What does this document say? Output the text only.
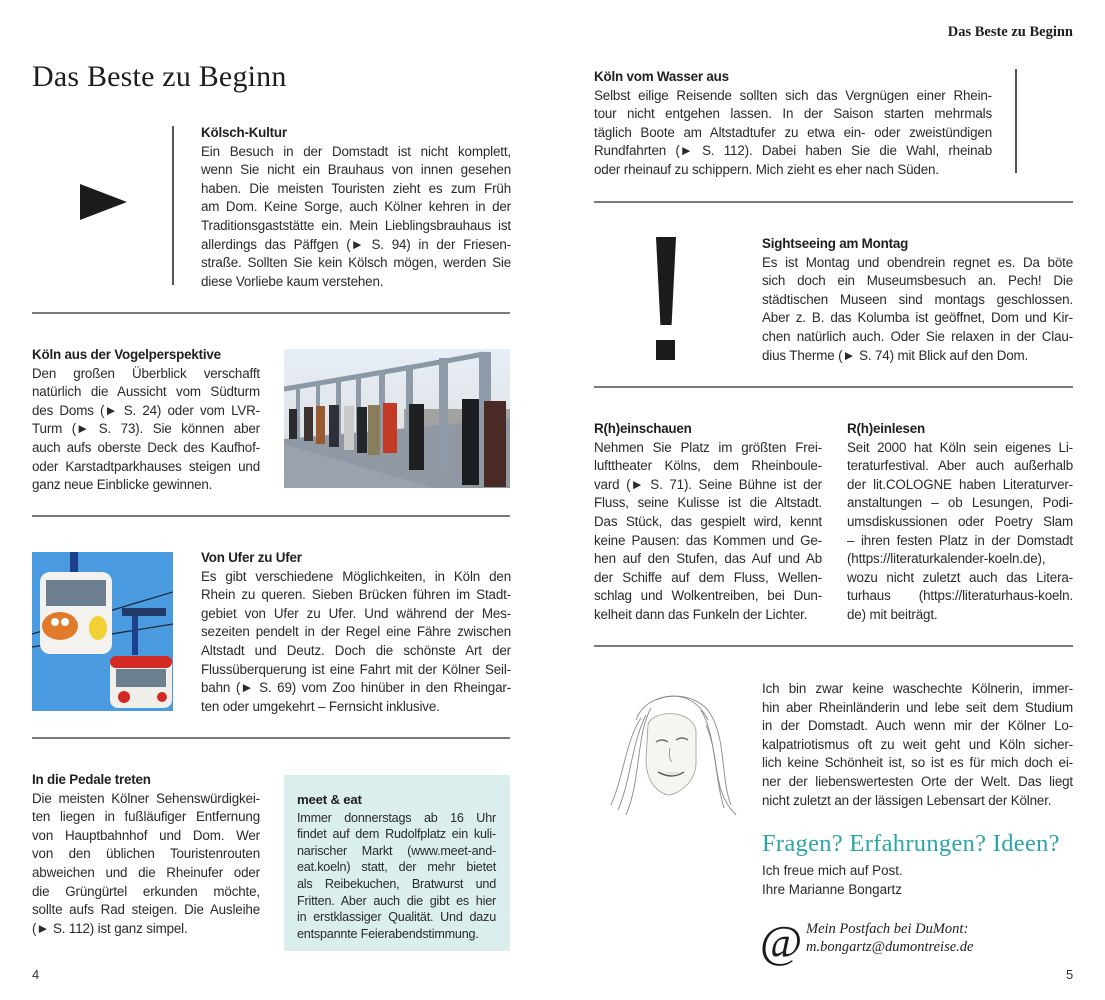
Das Beste zu Beginn
Kölsch-Kultur
Ein Besuch in der Domstadt ist nicht komplett,
wenn Sie nicht ein Brauhaus von innen gesehen
haben. Die meisten Touristen zieht es zum Früh
am Dom. Keine Sorge, auch Kölner kehren in der
Traditionsgaststätte ein. Mein Lieblingsbrauhaus ist
allerdings das Päffgen (► S. 94) in der Friesen-
straße. Sollten Sie kein Kölsch mögen, werden Sie
diese Vorliebe kaum verstehen.
Köln aus der Vogelperspektive
Den großen Überblick verschafft
natürlich die Aussicht vom Südturm
des Doms (► S. 24) oder vom LVR-
Turm (► S. 73). Sie können aber
auch aufs oberste Deck des Kaufhof-
oder Karstadtparkhauses steigen und
ganz neue Einblicke gewinnen.
Von Ufer zu Ufer
Es gibt verschiedene Möglichkeiten, in Köln den
Rhein zu queren. Sieben Brücken führen im Stadt-
gebiet von Ufer zu Ufer. Und während der Mes-
sezeiten pendelt in der Regel eine Fähre zwischen
Altstadt und Deutz. Doch die schönste Art der
Flussüberquerung ist eine Fahrt mit der Kölner Seil-
bahn (► S. 69) vom Zoo hinüber in den Rheingar-
ten oder umgekehrt – Fernsicht inklusive.
In die Pedale treten
Die meisten Kölner Sehenswürdigkei-
ten liegen in fußläufiger Entfernung
von Hauptbahnhof und Dom. Wer
von den üblichen Touristenrouten
abweichen und die Rheinufer oder
die Grüngürtel erkunden möchte,
sollte aufs Rad steigen. Die Ausleihe
(► S. 112) ist ganz simpel.
meet & eat
Immer donnerstags ab 16 Uhr
findet auf dem Rudolfplatz ein kuli-
narischer Markt (www.meet-and-
eat.koeln) statt, der mehr bietet
als Reibekuchen, Bratwurst und
Fritten. Aber auch die gibt es hier
in erstklassiger Qualität. Und dazu
entspannte Feierabendstimmung.
4
Das Beste zu Beginn
Köln vom Wasser aus
Selbst eilige Reisende sollten sich das Vergnügen einer Rhein-
tour nicht entgehen lassen. In der Saison starten mehrmals
täglich Boote am Altstadtufer zu etwa ein- oder zweistündigen
Rundfahrten (► S. 112). Dabei haben Sie die Wahl, rheinab
oder rheinauf zu schippern. Mich zieht es eher nach Süden.
Sightseeing am Montag
Es ist Montag und obendrein regnet es. Da böte
sich doch ein Museumsbesuch an. Pech! Die
städtischen Museen sind montags geschlossen.
Aber z. B. das Kolumba ist geöffnet, Dom und Kir-
chen natürlich auch. Oder Sie relaxen in der Clau-
dius Therme (► S. 74) mit Blick auf den Dom.
R(h)einschauen
Nehmen Sie Platz im größten Frei-
lufttheater Kölns, dem Rheinboule-
vard (► S. 71). Seine Bühne ist der
Fluss, seine Kulisse ist die Altstadt.
Das Stück, das gespielt wird, kennt
keine Pausen: das Kommen und Ge-
hen auf den Stufen, das Auf und Ab
der Schiffe auf dem Fluss, Wellen-
schlag und Wolkentreiben, bei Dun-
kelheit dann das Funkeln der Lichter.
R(h)einlesen
Seit 2000 hat Köln sein eigenes Li-
teraturfestival. Aber auch außerhalb
der lit.COLOGNE haben Literaturver-
anstaltungen – ob Lesungen, Podi-
umsdiskussionen oder Poetry Slam
– ihren festen Platz in der Domstadt
(https://literaturkalender-koeln.de),
wozu nicht zuletzt auch das Litera-
turhaus (https://literaturhaus-koeln.
de) mit beiträgt.
Ich bin zwar keine waschechte Kölnerin, immer-
hin aber Rheinländerin und lebe seit dem Studium
in der Domstadt. Auch wenn mir der Kölner Lo-
kalpatriotismus oft zu weit geht und Köln sicher-
lich keine Schönheit ist, so ist es für mich doch ei-
ner der liebenswertesten Orte der Welt. Das liegt
nicht zuletzt an der lässigen Lebensart der Kölner.
Fragen? Erfahrungen? Ideen?
Ich freue mich auf Post.
Ihre Marianne Bongartz
@ Mein Postfach bei DuMont:
m.bongartz@dumontreise.de
5
